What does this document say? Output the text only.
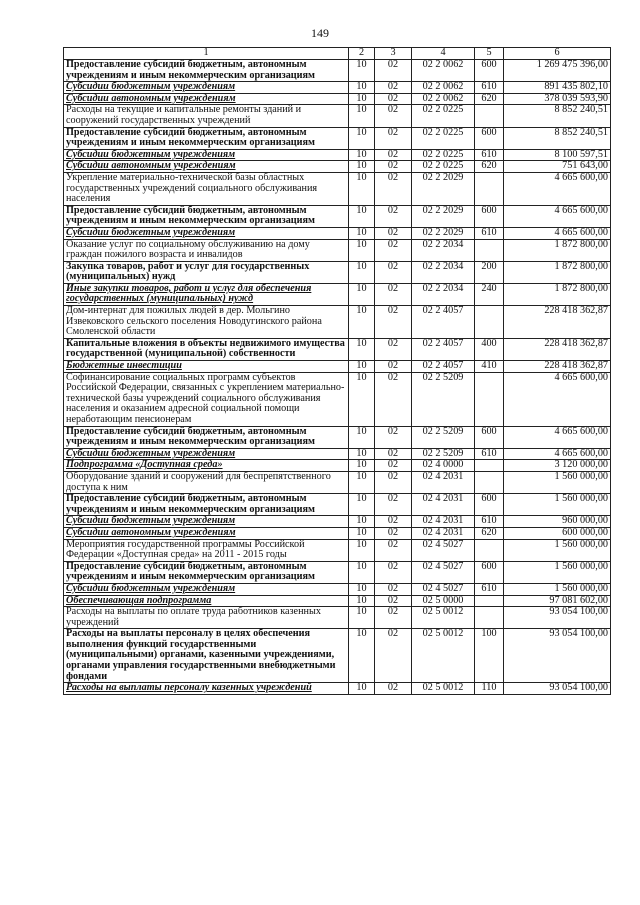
149
1	2	3	4	5	6
Предоставление субсидий бюджетным, автономным учреждениям и иным некоммерческим организациям	10	02	02 2 0062	600	1 269 475 396,00
Субсидии бюджетным учреждениям	10	02	02 2 0062	610	891 435 802,10
Субсидии автономным учреждениям	10	02	02 2 0062	620	378 039 593,90
Расходы на текущие и капитальные ремонты зданий и сооружений государственных учреждений	10	02	02 2 0225		8 852 240,51
Предоставление субсидий бюджетным, автономным учреждениям и иным некоммерческим организациям	10	02	02 2 0225	600	8 852 240,51
Субсидии бюджетным учреждениям	10	02	02 2 0225	610	8 100 597,51
Субсидии автономным учреждениям	10	02	02 2 0225	620	751 643,00
Укрепление материально-технической базы областных государственных учреждений социального обслуживания населения	10	02	02 2 2029		4 665 600,00
Предоставление субсидий бюджетным, автономным учреждениям и иным некоммерческим организациям	10	02	02 2 2029	600	4 665 600,00
Субсидии бюджетным учреждениям	10	02	02 2 2029	610	4 665 600,00
Оказание услуг по социальному обслуживанию на дому граждан пожилого возраста и инвалидов	10	02	02 2 2034		1 872 800,00
Закупка товаров, работ и услуг для государственных (муниципальных) нужд	10	02	02 2 2034	200	1 872 800,00
Иные закупки товаров, работ и услуг для обеспечения государственных (муниципальных) нужд	10	02	02 2 2034	240	1 872 800,00
Дом-интернат для пожилых людей в дер. Мольгино Извековского сельского поселения Новодугинского района Смоленской области	10	02	02 2 4057		228 418 362,87
Капитальные вложения в объекты недвижимого имущества государственной (муниципальной) собственности	10	02	02 2 4057	400	228 418 362,87
Бюджетные инвестиции	10	02	02 2 4057	410	228 418 362,87
Софинансирование социальных программ субъектов Российской Федерации, связанных с укреплением материально-технической базы учреждений социального обслуживания населения и оказанием адресной социальной помощи неработающим пенсионерам	10	02	02 2 5209		4 665 600,00
Предоставление субсидий бюджетным, автономным учреждениям и иным некоммерческим организациям	10	02	02 2 5209	600	4 665 600,00
Субсидии бюджетным учреждениям	10	02	02 2 5209	610	4 665 600,00
Подпрограмма «Доступная среда»	10	02	02 4 0000		3 120 000,00
Оборудование зданий и сооружений для беспрепятственного доступа к ним	10	02	02 4 2031		1 560 000,00
Предоставление субсидий бюджетным, автономным учреждениям и иным некоммерческим организациям	10	02	02 4 2031	600	1 560 000,00
Субсидии бюджетным учреждениям	10	02	02 4 2031	610	960 000,00
Субсидии автономным учреждениям	10	02	02 4 2031	620	600 000,00
Мероприятия государственной программы Российской Федерации «Доступная среда» на 2011 - 2015 годы	10	02	02 4 5027		1 560 000,00
Предоставление субсидий бюджетным, автономным учреждениям и иным некоммерческим организациям	10	02	02 4 5027	600	1 560 000,00
Субсидии бюджетным учреждениям	10	02	02 4 5027	610	1 560 000,00
Обеспечивающая подпрограмма	10	02	02 5 0000		97 081 602,00
Расходы на выплаты по оплате труда работников казенных учреждений	10	02	02 5 0012		93 054 100,00
Расходы на выплаты персоналу в целях обеспечения выполнения функций государственными (муниципальными) органами, казенными учреждениями, органами управления государственными внебюджетными фондами	10	02	02 5 0012	100	93 054 100,00
Расходы на выплаты персоналу казенных учреждений	10	02	02 5 0012	110	93 054 100,00
